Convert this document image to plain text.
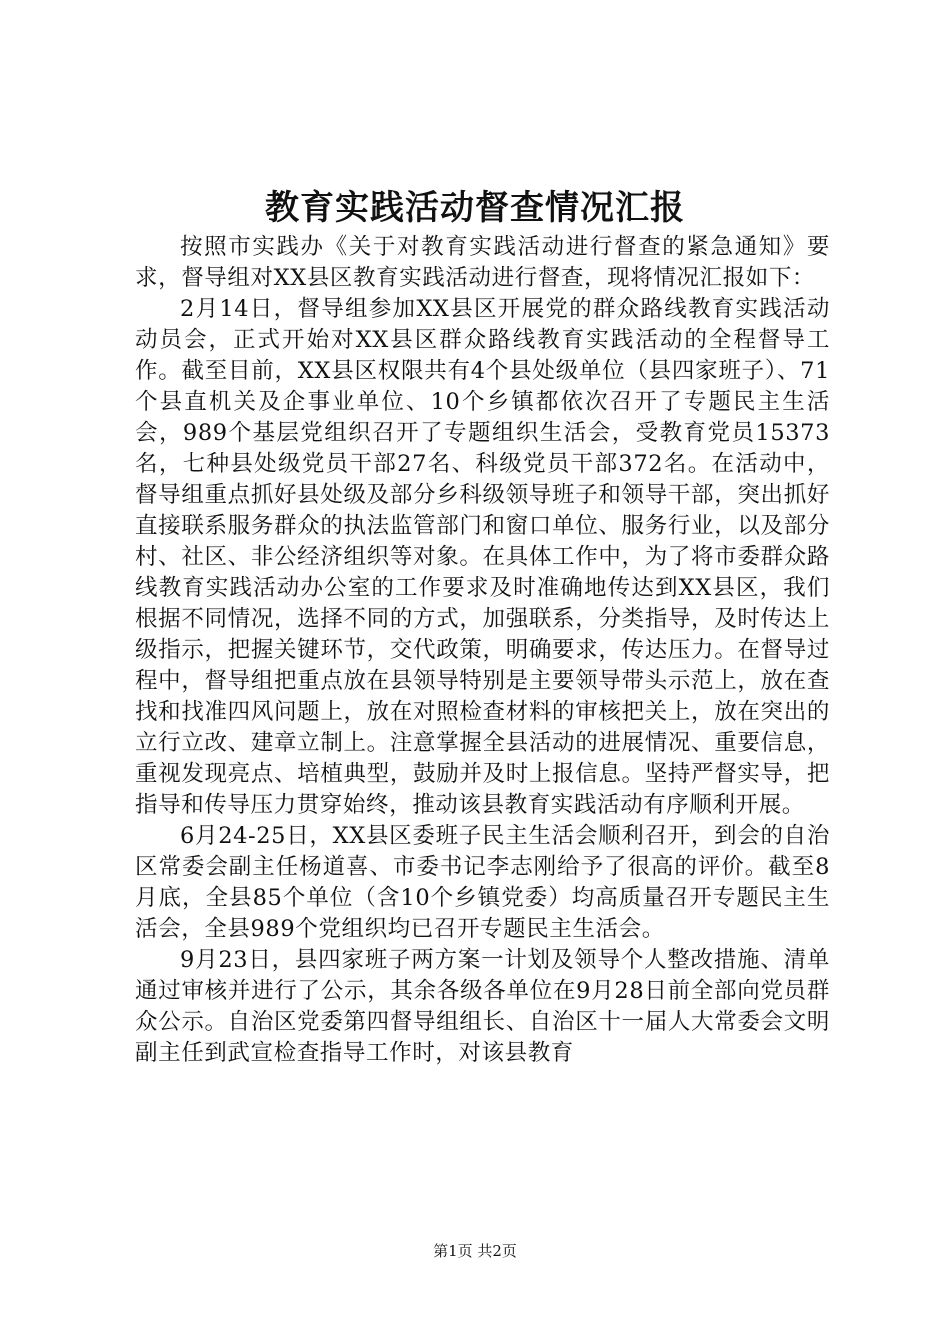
教育实践活动督查情况汇报

按照市实践办《关于对教育实践活动进行督查的紧急通知》要求，督导组对XX县区教育实践活动进行督查，现将情况汇报如下：

2月14日，督导组参加XX县区开展党的群众路线教育实践活动动员会，正式开始对XX县区群众路线教育实践活动的全程督导工作。截至目前，XX县区权限共有4个县处级单位（县四家班子）、71个县直机关及企事业单位、10个乡镇都依次召开了专题民主生活会，989个基层党组织召开了专题组织生活会，受教育党员15373名，七种县处级党员干部27名、科级党员干部372名。在活动中，督导组重点抓好县处级及部分乡科级领导班子和领导干部，突出抓好直接联系服务群众的执法监管部门和窗口单位、服务行业，以及部分村、社区、非公经济组织等对象。在具体工作中，为了将市委群众路线教育实践活动办公室的工作要求及时准确地传达到XX县区，我们根据不同情况，选择不同的方式，加强联系，分类指导，及时传达上级指示，把握关键环节，交代政策，明确要求，传达压力。在督导过程中，督导组把重点放在县领导特别是主要领导带头示范上，放在查找和找准四风问题上，放在对照检查材料的审核把关上，放在突出的立行立改、建章立制上。注意掌握全县活动的进展情况、重要信息，重视发现亮点、培植典型，鼓励并及时上报信息。坚持严督实导，把指导和传导压力贯穿始终，推动该县教育实践活动有序顺利开展。

6月24-25日，XX县区委班子民主生活会顺利召开，到会的自治区常委会副主任杨道喜、市委书记李志刚给予了很高的评价。截至8月底，全县85个单位（含10个乡镇党委）均高质量召开专题民主生活会，全县989个党组织均已召开专题民主生活会。

9月23日，县四家班子两方案一计划及领导个人整改措施、清单通过审核并进行了公示，其余各级各单位在9月28日前全部向党员群众公示。自治区党委第四督导组组长、自治区十一届人大常委会文明副主任到武宣检查指导工作时，对该县教育

第1页 共2页
